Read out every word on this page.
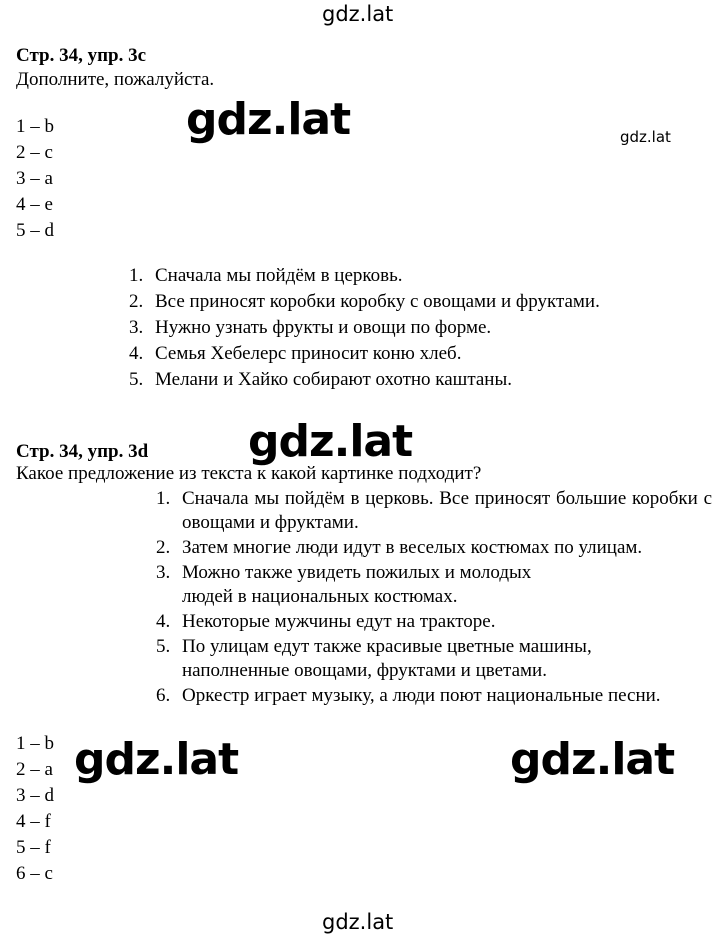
gdz.lat
gdz.lat	gdz.lat
gdz.lat
gdz.lat	gdz.lat
gdz.lat
Стр. 34, упр. 3c
Дополните, пожалуйста.
1 – b
2 – c
3 – a
4 – e
5 – d
1. Сначала мы пойдём в церковь.
2. Все приносят коробки коробку с овощами и фруктами.
3. Нужно узнать фрукты и овощи по форме.
4. Семья Хебелерс приносит коню хлеб.
5. Мелани и Хайко собирают охотно каштаны.
Стр. 34, упр. 3d
Какое предложение из текста к какой картинке подходит?
1. Сначала мы пойдём в церковь. Все приносят большие коробки с овощами и фруктами.
2. Затем многие люди идут в веселых костюмах по улицам.
3. Можно также увидеть пожилых и молодых людей в национальных костюмах.
4. Некоторые мужчины едут на тракторе.
5. По улицам едут также красивые цветные машины, наполненные овощами, фруктами и цветами.
6. Оркестр играет музыку, а люди поют национальные песни.
1 – b
2 – a
3 – d
4 – f
5 – f
6 – c
